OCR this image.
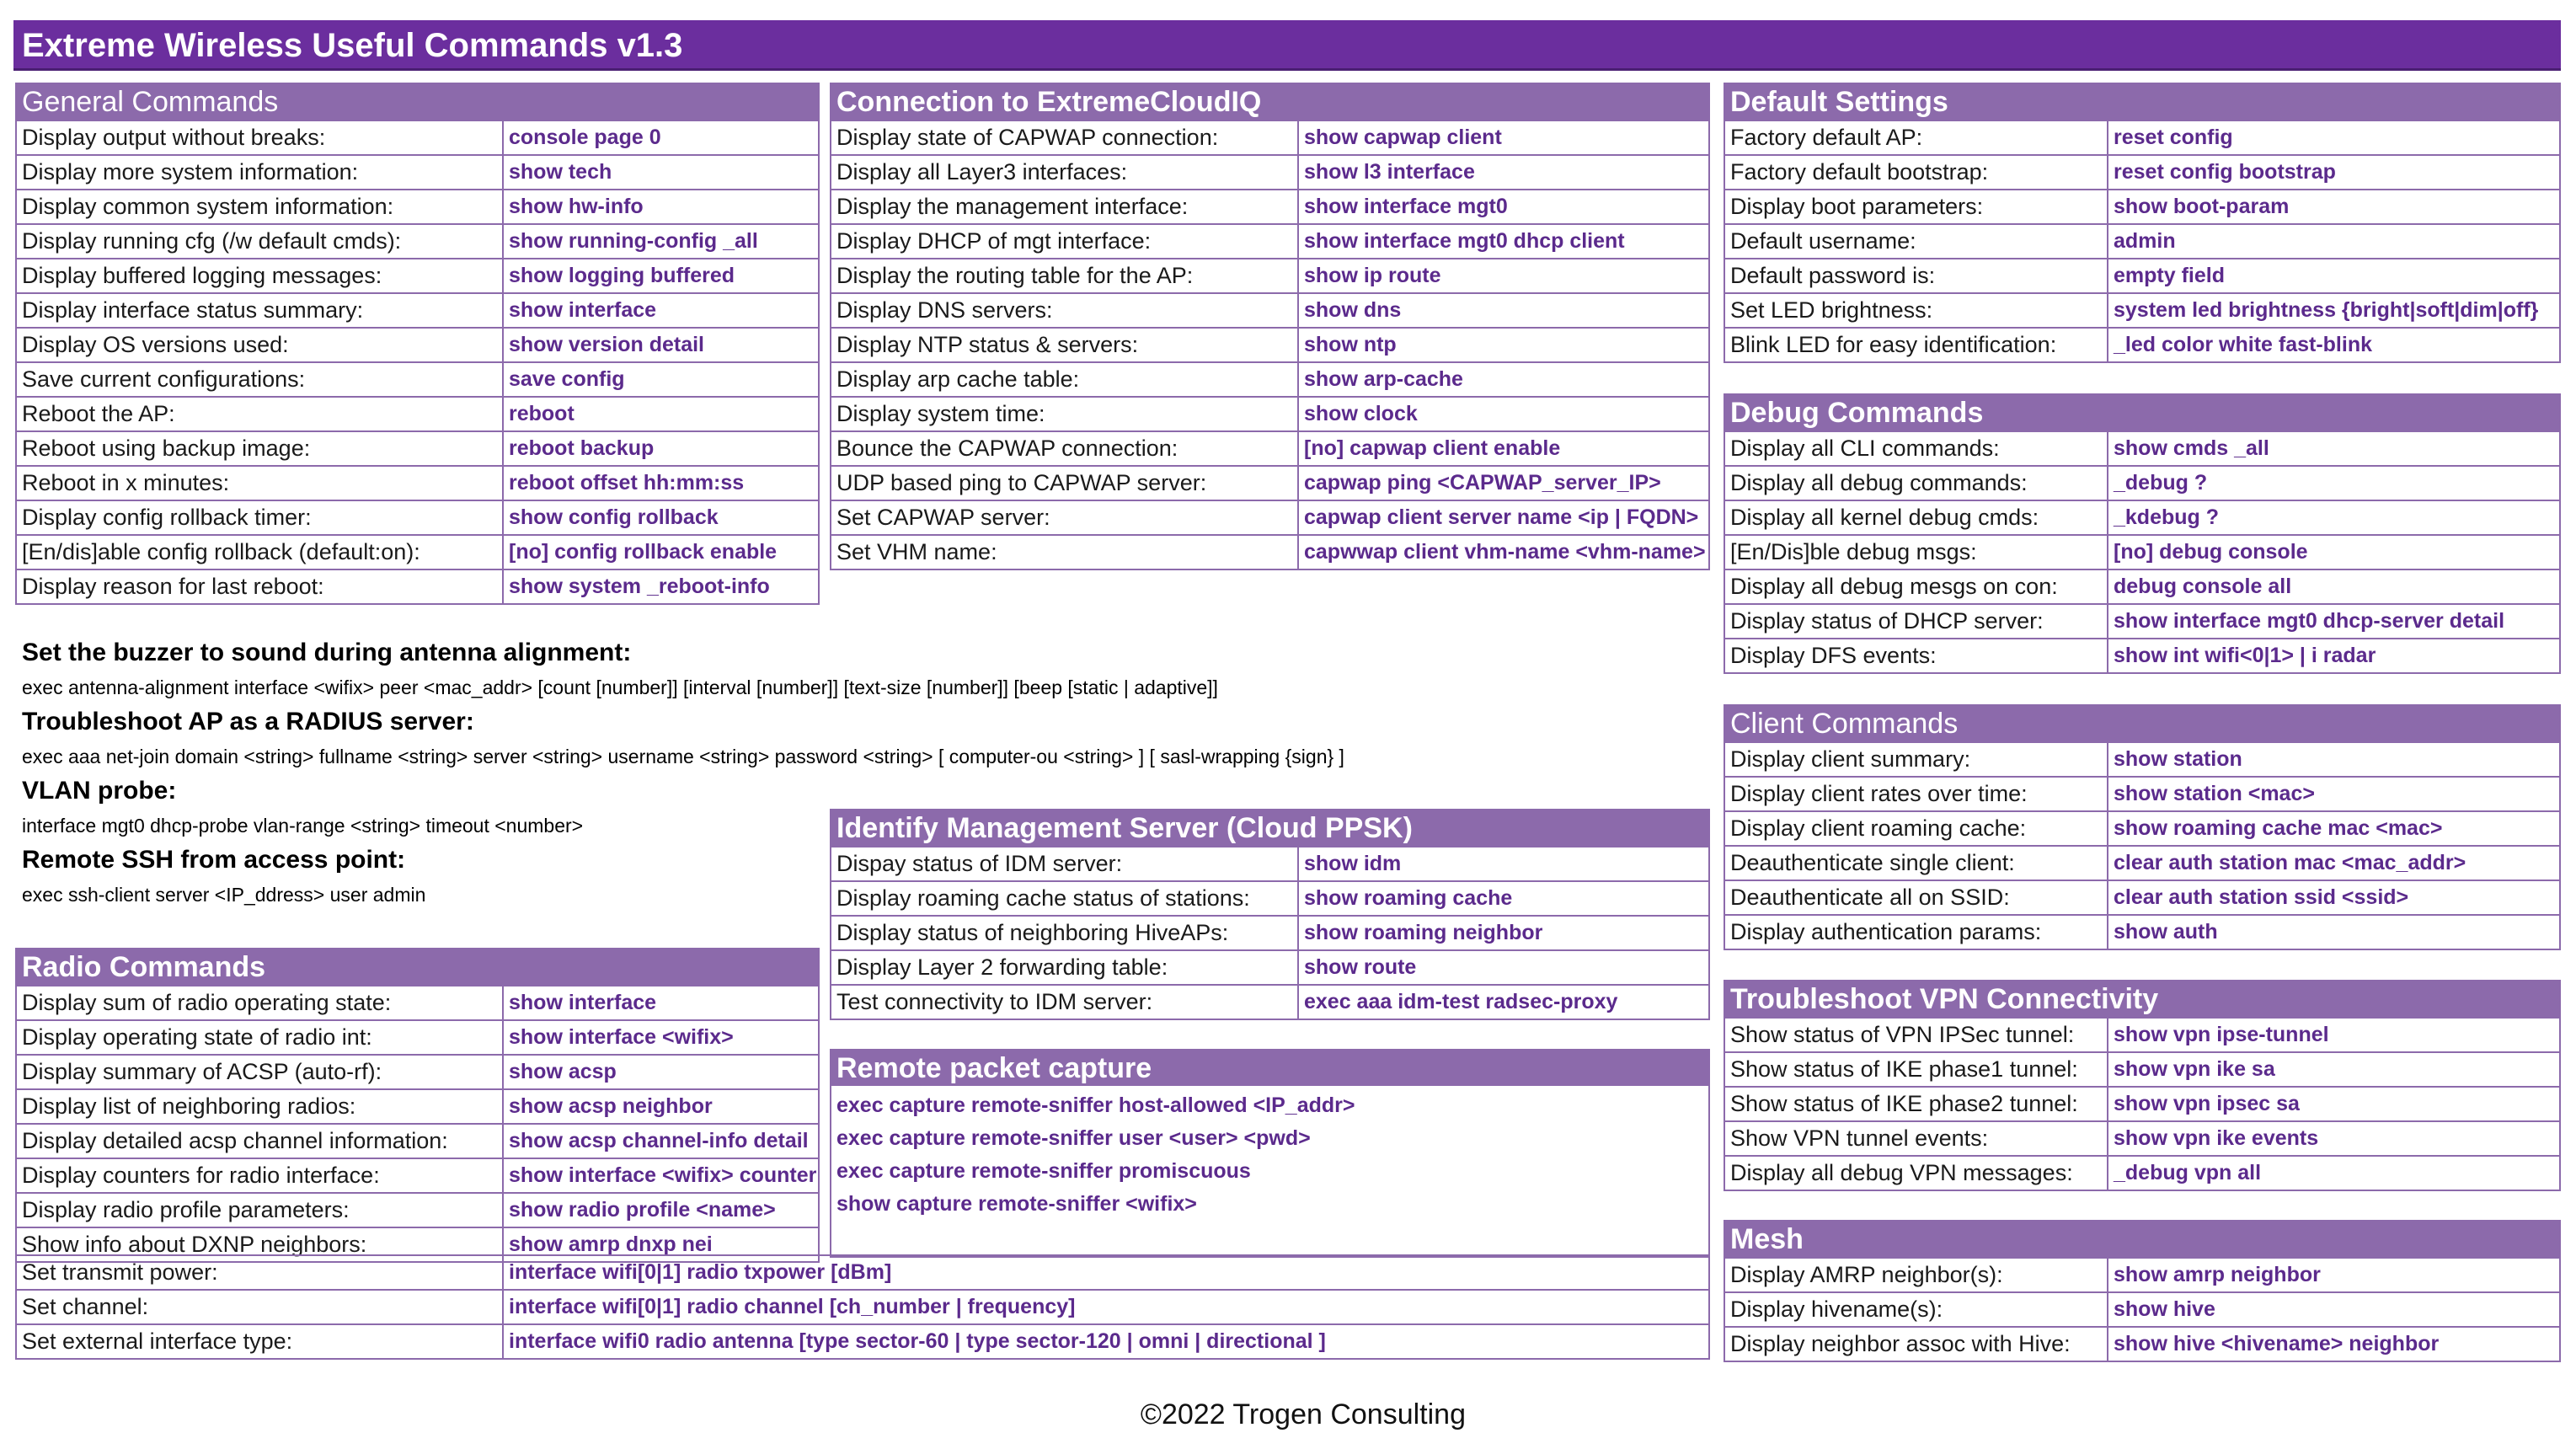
Extreme Wireless Useful Commands v1.3
General Commands
Display output without breaks:	console page 0
Display more system information:	show tech
Display common system information:	show hw-info
Display running cfg (/w default cmds):	show running-config _all
Display buffered logging messages:	show logging buffered
Display interface status summary:	show interface
Display OS versions used:	show version detail
Save current configurations:	save config
Reboot the AP:	reboot
Reboot using backup image:	reboot backup
Reboot in x minutes:	reboot offset hh:mm:ss
Display config rollback timer:	show config rollback
[En/dis]able config rollback (default:on):	[no] config rollback enable
Display reason for last reboot:	show system _reboot-info
Connection to ExtremeCloudIQ
Display state of CAPWAP connection:	show capwap client
Display all Layer3 interfaces:	show l3 interface
Display the management interface:	show interface mgt0
Display DHCP of mgt interface:	show interface mgt0 dhcp client
Display the routing table for the AP:	show ip route
Display DNS servers:	show dns
Display NTP status & servers:	show ntp
Display arp cache table:	show arp-cache
Display system time:	show clock
Bounce the CAPWAP connection:	[no] capwap client enable
UDP based ping to CAPWAP server:	capwap ping <CAPWAP_server_IP>
Set CAPWAP server:	capwap client server name <ip | FQDN>
Set VHM name:	capwwap client vhm-name <vhm-name>
Default Settings
Factory default AP:	reset config
Factory default bootstrap:	reset config bootstrap
Display boot parameters:	show boot-param
Default username:	admin
Default password is:	empty field
Set LED brightness:	system led brightness {bright|soft|dim|off}
Blink LED for easy identification:	_led color white fast-blink
Debug Commands
Display all CLI commands:	show cmds _all
Display all debug commands:	_debug ?
Display all kernel debug cmds:	_kdebug ?
[En/Dis]ble debug msgs:	[no] debug console
Display all debug mesgs on con:	debug console all
Display status of DHCP server:	show interface mgt0 dhcp-server detail
Display DFS events:	show int wifi<0|1> | i radar
Client Commands
Display client summary:	show station
Display client rates over time:	show station <mac>
Display client roaming cache:	show roaming cache mac <mac>
Deauthenticate single client:	clear auth station mac <mac_addr>
Deauthenticate all on SSID:	clear auth station ssid <ssid>
Display authentication params:	show auth
Troubleshoot VPN Connectivity
Show status of VPN IPSec tunnel:	show vpn ipse-tunnel
Show status of IKE phase1 tunnel:	show vpn ike sa
Show status of IKE phase2 tunnel:	show vpn ipsec sa
Show VPN tunnel events:	show vpn ike events
Display all debug VPN messages:	_debug vpn all
Mesh
Display AMRP neighbor(s):	show amrp neighbor
Display hivename(s):	show hive
Display neighbor assoc with Hive:	show hive <hivename> neighbor
Identify Management Server (Cloud PPSK)
Dispay status of IDM server:	show idm
Display roaming cache status of stations:	show roaming cache
Display status of neighboring HiveAPs:	show roaming neighbor
Display Layer 2 forwarding table:	show route
Test connectivity to IDM server:	exec aaa idm-test radsec-proxy
Remote packet capture
exec capture remote-sniffer host-allowed <IP_addr>
exec capture remote-sniffer user <user> <pwd>
exec capture remote-sniffer promiscuous
show capture remote-sniffer <wifix>
Radio Commands
Display sum of radio operating state:	show interface
Display operating state of radio int:	show interface <wifix>
Display summary of ACSP (auto-rf):	show acsp
Display list of neighboring radios:	show acsp neighbor
Display detailed acsp channel information:	show acsp channel-info detail
Display counters for radio interface:	show interface <wifix> counter
Display radio profile parameters:	show radio profile <name>
Show info about DXNP neighbors:	show amrp dnxp nei
Set transmit power:	interface wifi[0|1] radio txpower [dBm]
Set channel:	interface wifi[0|1] radio channel [ch_number | frequency]
Set external interface type:	interface wifi0 radio antenna [type sector-60 | type sector-120 | omni | directional ]
Set the buzzer to sound during antenna alignment:
exec antenna-alignment interface <wifix> peer <mac_addr> [count [number]] [interval [number]] [text-size [number]] [beep [static | adaptive]]
Troubleshoot AP as a RADIUS server:
exec aaa net-join domain <string> fullname <string> server <string> username <string> password <string> [ computer-ou <string> ] [ sasl-wrapping {sign} ]
VLAN probe:
interface mgt0 dhcp-probe vlan-range <string> timeout <number>
Remote SSH from access point:
exec ssh-client server <IP_ddress> user admin
©2022 Trogen Consulting
